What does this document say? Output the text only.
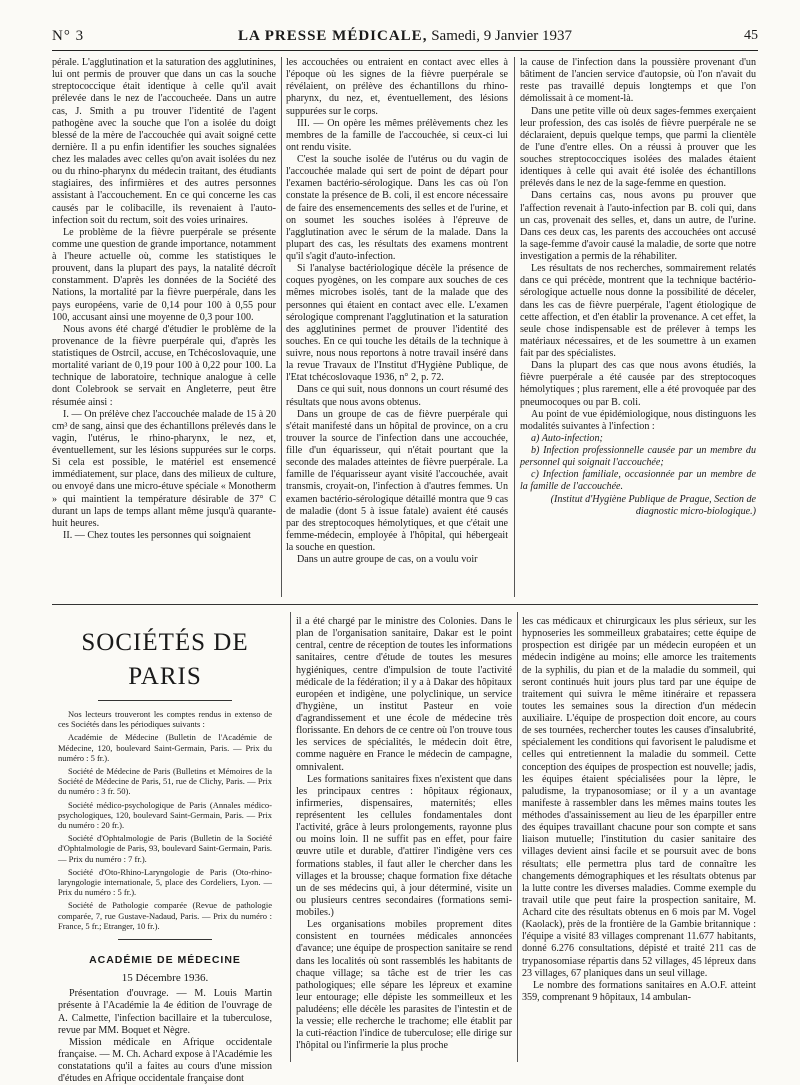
N° 3	LA PRESSE MÉDICALE, Samedi, 9 Janvier 1937	45

pérale. L'agglutination et la saturation des agglutinines, lui ont permis de prouver que dans un cas la souche streptococcique était identique à celle qu'il avait prélevée dans le nez de l'accoucheée. Dans un autre cas, J. Smith a pu trouver l'identité de l'agent pathogène avec la souche que l'on a isolée du doigt blessé de la mère de l'accouchée qui avait soigné cette dernière. Il a pu enfin identifier les souches signalées chez les malades avec celles qu'on avait isolées du nez ou du rhino-pharynx du médecin traitant, des étudiants stagiaires, des infirmières et des autres personnes assistant à l'accouchement. En ce qui concerne les cas causés par le colibacille, ils revenaient à l'auto-infection soit du rectum, soit des voies urinaires.

Le problème de la fièvre puerpérale se présente comme une question de grande importance, notamment à l'heure actuelle où, comme les statistiques le prouvent, dans la plupart des pays, la natalité décroît constamment. D'après les données de la Société des Nations, la mortalité par la fièvre puerpérale, dans les pays européens, varie de 0,14 pour 100 à 0,55 pour 100, accusant ainsi une moyenne de 0,3 pour 100.

Nous avons été chargé d'étudier le problème de la provenance de la fièvre puerpérale qui, d'après les statistiques de Ostrcil, accuse, en Tchécoslovaquie, une mortalité variant de 0,19 pour 100 à 0,22 pour 100. La technique de laboratoire, technique analogue à celle dont Colebrook se servait en Angleterre, peut être résumée ainsi :

I. — On prélève chez l'accouchée malade de 15 à 20 cm³ de sang, ainsi que des échantillons prélevés dans le vagin, l'utérus, le rhino-pharynx, le nez, et, éventuellement, sur les lésions suppurées sur le corps. Si cela est possible, le matériel est ensemencé immédiatement, sur place, dans des milieux de culture, ou envoyé dans une micro-étuve spéciale « Monotherm » qui maintient la température désirable de 37° C durant un laps de temps allant même jusqu'à quarante-huit heures.

II. — Chez toutes les personnes qui soignaient

les accouchées ou entraient en contact avec elles à l'époque où les signes de la fièvre puerpérale se révélaient, on prélève des échantillons du rhino-pharynx, du nez, et, éventuellement, des lésions suppurées sur le corps.

III. — On opère les mêmes prélèvements chez les membres de la famille de l'accouchée, si ceux-ci lui ont rendu visite.

C'est la souche isolée de l'utérus ou du vagin de l'accouchée malade qui sert de point de départ pour l'examen bactério-sérologique. Dans les cas où l'on constate la présence de B. coli, il est encore nécessaire de faire des ensemencements des selles et de l'urine, et on soumet les souches isolées à l'épreuve de l'agglutination avec le sérum de la malade. Dans la plupart des cas, les résultats des examens montrent qu'il s'agit d'auto-infection.

Si l'analyse bactériologique décèle la présence de coques pyogènes, on les compare aux souches de ces mêmes microbes isolés, tant de la malade que des personnes qui étaient en contact avec elle. L'examen sérologique comprenant l'agglutination et la saturation des agglutinines permet de prouver l'identité des souches. En ce qui touche les détails de la technique à suivre, nous nous reportons à notre travail inséré dans la revue Travaux de l'Institut d'Hygiène Publique, de l'Etat tchécoslovaque 1936, n° 2, p. 72.

Dans ce qui suit, nous donnons un court résumé des résultats que nous avons obtenus.

Dans un groupe de cas de fièvre puerpérale qui s'était manifesté dans un hôpital de province, on a cru trouver la source de l'infection dans une accouchée, fille d'un équarisseur, qui n'était pourtant que la seconde des malades atteintes de fièvre puerpérale. La famille de l'équarisseur ayant visité l'accouchée, avait transmis, croyait-on, l'infection à d'autres femmes. Un examen bactério-sérologique détaillé montra que 9 cas de maladie (dont 5 à issue fatale) avaient été causés par des streptocoques hémolytiques, et que c'était une femme-médecin, employée à l'hôpital, qui hébergeait la souche en question.

Dans un autre groupe de cas, on a voulu voir

la cause de l'infection dans la poussière provenant d'un bâtiment de l'ancien service d'autopsie, où l'on n'avait du reste pas travaillé depuis longtemps et que l'on démolissait à ce moment-là.

Dans une petite ville où deux sages-femmes exerçaient leur profession, des cas isolés de fièvre puerpérale ne se déclaraient, depuis quelque temps, que parmi la clientèle de l'une d'entre elles. On a réussi à prouver que les souches streptococciques isolées des malades étaient identiques à celle qui avait été isolée des échantillons prélevés dans le nez de la sage-femme en question.

Dans certains cas, nous avons pu prouver que l'affection revenait à l'auto-infection par B. coli qui, dans un cas, provenait des selles, et, dans un autre, de l'urine. Dans ces deux cas, les parents des accouchées ont accusé la sage-femme d'avoir causé la maladie, de sorte que notre investigation a permis de la réhabiliter.

Les résultats de nos recherches, sommairement relatés dans ce qui précède, montrent que la technique bactério-sérologique actuelle nous donne la possibilité de déceler, dans les cas de fièvre puerpérale, l'agent étiologique de cette affection, et d'en établir la provenance. A cet effet, la seule chose indispensable est de prélever à temps les matériaux nécessaires, et de les soumettre à un examen fait par des spécialistes.

Dans la plupart des cas que nous avons étudiés, la fièvre puerpérale a été causée par des streptocoques hémolytiques ; plus rarement, elle a été provoquée par des pneumocoques ou par B. coli.

Au point de vue épidémiologique, nous distinguons les modalités suivantes à l'infection :

a) Auto-infection;

b) Infection professionnelle causée par un membre du personnel qui soignait l'accouchée;

c) Infection familiale, occasionnée par un membre de la famille de l'accouchée.

(Institut d'Hygiène Publique de Prague, Section de diagnostic micro-biologique.)

SOCIÉTÉS DE PARIS

Nos lecteurs trouveront les comptes rendus in extenso de ces Sociétés dans les périodiques suivants :

Académie de Médecine (Bulletin de l'Académie de Médecine, 120, boulevard Saint-Germain, Paris. — Prix du numéro : 5 fr.).

Société de Médecine de Paris (Bulletins et Mémoires de la Société de Médecine de Paris, 51, rue de Clichy, Paris. — Prix du numéro : 3 fr. 50).

Société médico-psychologique de Paris (Annales médico-psychologiques, 120, boulevard Saint-Germain, Paris. — Prix du numéro : 20 fr.).

Société d'Ophtalmologie de Paris (Bulletin de la Société d'Ophtalmologie de Paris, 93, boulevard Saint-Germain, Paris. — Prix du numéro : 7 fr.).

Société d'Oto-Rhino-Laryngologie de Paris (Oto-rhino-laryngologie internationale, 5, place des Cordeliers, Lyon. — Prix du numéro : 5 fr.).

Société de Pathologie comparée (Revue de pathologie comparée, 7, rue Gustave-Nadaud, Paris. — Prix du numéro : France, 5 fr.; Etranger, 10 fr.).

ACADÉMIE DE MÉDECINE
15 Décembre 1936.

Présentation d'ouvrage. — M. Louis Martin présente à l'Académie la 4e édition de l'ouvrage de A. Calmette, l'infection bacillaire et la tuberculose, revue par MM. Boquet et Nègre.

Mission médicale en Afrique occidentale française. — M. Ch. Achard expose à l'Académie les constatations qu'il a faites au cours d'une mission d'études en Afrique occidentale française dont

il a été chargé par le ministre des Colonies. Dans le plan de l'organisation sanitaire, Dakar est le point central, centre de réception de toutes les informations sanitaires, centre d'étude de toutes les mesures hygiéniques, centre d'impulsion de toute l'activité médicale de la fédération; il y a à Dakar des hôpitaux européen et indigène, une polyclinique, un service d'hygiène, un institut Pasteur en voie d'agrandissement et une école de médecine très florissante. En dehors de ce centre où l'on trouve tous les services de spécialités, le médecin doit être, comme naguère en France le médecin de campagne, omnivalent.

Les formations sanitaires fixes n'existent que dans les principaux centres : hôpitaux régionaux, infirmeries, dispensaires, maternités; elles représentent les cellules fondamentales dont l'activité, grâce à leurs prolongements, rayonne plus ou moins loin. Il ne suffit pas en effet, pour faire œuvre utile et durable, d'attirer l'indigène vers ces formations stables, il faut aller le chercher dans les villages et la brousse; chaque formation fixe détache un de ses médecins qui, à jour déterminé, visite un ou plusieurs centres secondaires (formations semi-mobiles.)

Les organisations mobiles proprement dites consistent en tournées médicales annoncées d'avance; une équipe de prospection sanitaire se rend dans les localités où sont rassemblés les habitants de chaque village; sa tâche est de trier les cas pathologiques; elle sépare les lépreux et examine leur entourage; elle dépiste les sommeilleux et les paludéens; elle décèle les parasites de l'intestin et de la vessie; elle recherche le trachome; elle établit par la cuti-réaction l'indice de tuberculose; elle dirige sur l'hôpital ou l'infirmerie la plus proche

les cas médicaux et chirurgicaux les plus sérieux, sur les hypnoseries les sommeilleux grabataires; cette équipe de prospection est dirigée par un médecin européen et un médecin indigène au moins; elle amorce les traitements de la syphilis, du pian et de la maladie du sommeil, qui seront continués huit jours plus tard par une équipe de traitement qui suivra le même itinéraire et repassera toutes les semaines sous la direction d'un médecin auxiliaire. L'équipe de prospection doit encore, au cours de ses tournées, rechercher toutes les causes d'insalubrité, spécialement les conditions qui favorisent le paludisme et celles qui entretiennent la maladie du sommeil. Cette conception des équipes de prospection est nouvelle; jadis, les équipes étaient spécialisées pour la lèpre, le paludisme, la trypanosomiase; or il y a un avantage manifeste à rassembler dans les mêmes mains toutes les méthodes d'assainissement au lieu de les éparpiller entre des équipes travaillant chacune pour son compte et sans liaison mutuelle; l'institution du casier sanitaire des villages devient ainsi facile et se poursuit avec de bons résultats; elle permettra plus tard de connaître les changements démographiques et les résultats obtenus par la lutte contre les diverses maladies. Comme exemple du travail utile que peut faire la prospection sanitaire, M. Achard cite des résultats obtenus en 6 mois par M. Vogel (Kaolack), près de la frontière de la Gambie britannique : l'équipe a visité 83 villages comprenant 11.677 habitants, donné 6.276 consultations, dépisté et traité 211 cas de trypanosomiase répartis dans 52 villages, 45 lépreux dans 23 villages, 67 planiques dans un seul village.

Le nombre des formations sanitaires en A.O.F. atteint 359, comprenant 9 hôpitaux, 14 ambulan-
